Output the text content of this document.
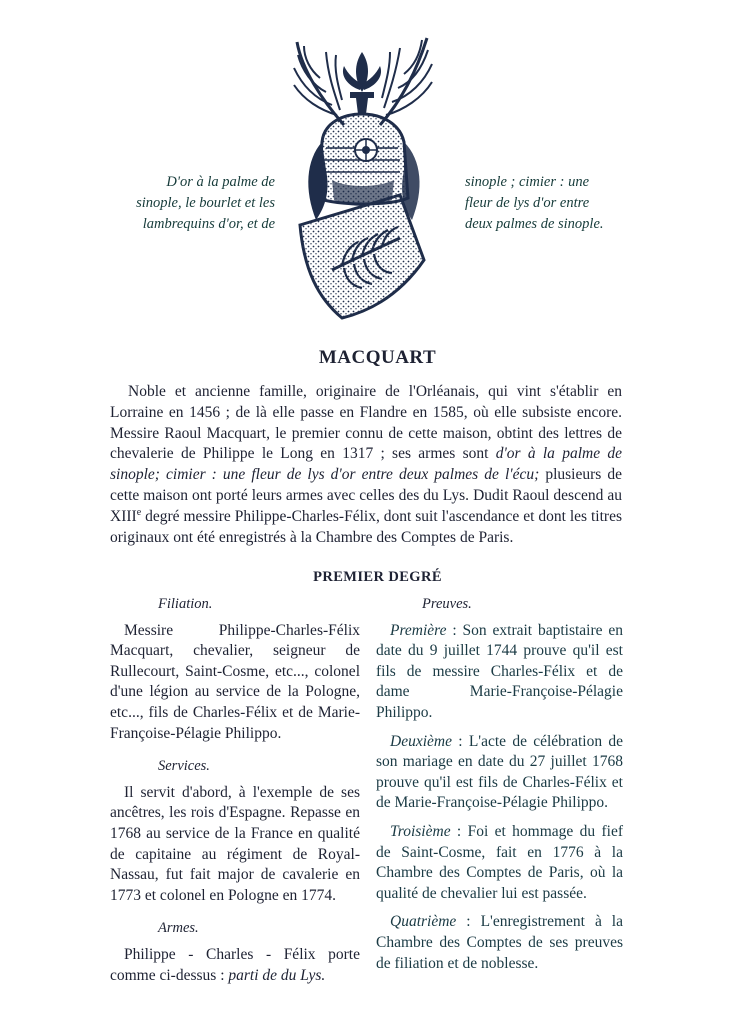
D'or à la palme de
sinople, le bourlet et les
lambrequins d'or, et de
sinople ; cimier : une
fleur de lys d'or entre
deux palmes de sinople.
MACQUART

Noble et ancienne famille, originaire de l'Orléanais, qui vint s'établir en Lorraine en 1456 ; de là elle passe en Flandre en 1585, où elle subsiste encore. Messire Raoul Macquart, le premier connu de cette maison, obtint des lettres de chevalerie de Philippe le Long en 1317 ; ses armes sont d'or à la palme de sinople; cimier : une fleur de lys d'or entre deux palmes de l'écu; plusieurs de cette maison ont porté leurs armes avec celles des du Lys. Dudit Raoul descend au XIIIe degré messire Philippe-Charles-Félix, dont suit l'ascendance et dont les titres originaux ont été enregistrés à la Chambre des Comptes de Paris.

PREMIER DEGRÉ
Filiation.

Messire Philippe-Charles-Félix Macquart, chevalier, seigneur de Rullecourt, Saint-Cosme, etc..., colonel d'une légion au service de la Pologne, etc..., fils de Charles-Félix et de Marie-Françoise-Pélagie Philippo.

Services.

Il servit d'abord, à l'exemple de ses ancêtres, les rois d'Espagne. Repasse en 1768 au service de la France en qualité de capitaine au régiment de Royal-Nassau, fut fait major de cavalerie en 1773 et colonel en Pologne en 1774.

Armes.

Philippe - Charles - Félix porte comme ci-dessus : parti de du Lys.

Preuves.

Première : Son extrait baptistaire en date du 9 juillet 1744 prouve qu'il est fils de messire Charles-Félix et de dame Marie-Françoise-Pélagie Philippo.

Deuxième : L'acte de célébration de son mariage en date du 27 juillet 1768 prouve qu'il est fils de Charles-Félix et de Marie-Françoise-Pélagie Philippo.

Troisième : Foi et hommage du fief de Saint-Cosme, fait en 1776 à la Chambre des Comptes de Paris, où la qualité de chevalier lui est passée.

Quatrième : L'enregistrement à la Chambre des Comptes de ses preuves de filiation et de noblesse.
